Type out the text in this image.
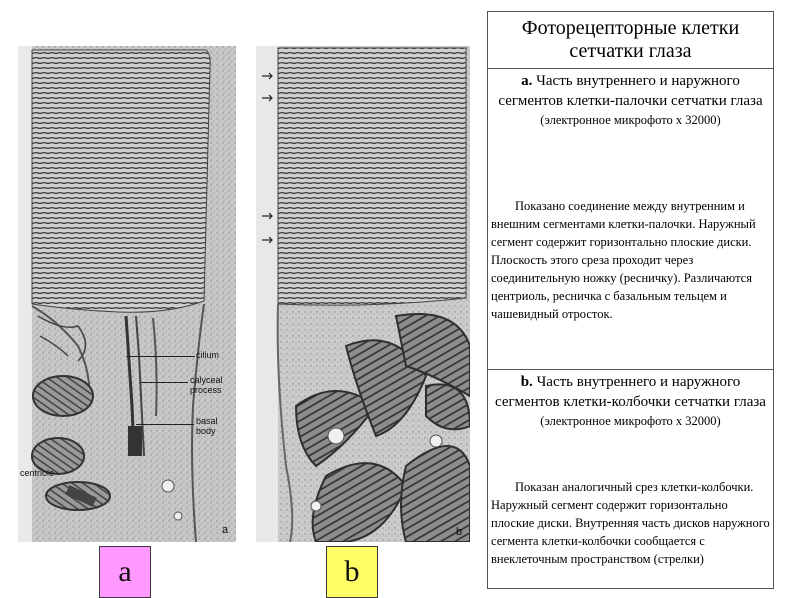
cilium
calyceal
process
basal
body
centriole
a	b
a	b
Фоторецепторные клетки сетчатки глаза
a. Часть внутреннего и наружного сегментов клетки-палочки сетчатки глаза
(электронное микрофото х 32000)
Показано соединение между внутренним и внешним сегментами клетки-палочки. Наружный сегмент содержит горизонтально плоские диски. Плоскость этого среза проходит через соединительную ножку (ресничку). Различаются центриоль, ресничка с базальным тельцем и чашевидный отросток.
b. Часть внутреннего и наружного сегментов клетки-колбочки сетчатки глаза
(электронное микрофото х 32000)
Показан аналогичный срез клетки-колбочки. Наружный сегмент содержит горизонтально плоские диски. Внутренняя часть дисков наружного сегмента клетки-колбочки сообщается с внеклеточным пространством (стрелки)
